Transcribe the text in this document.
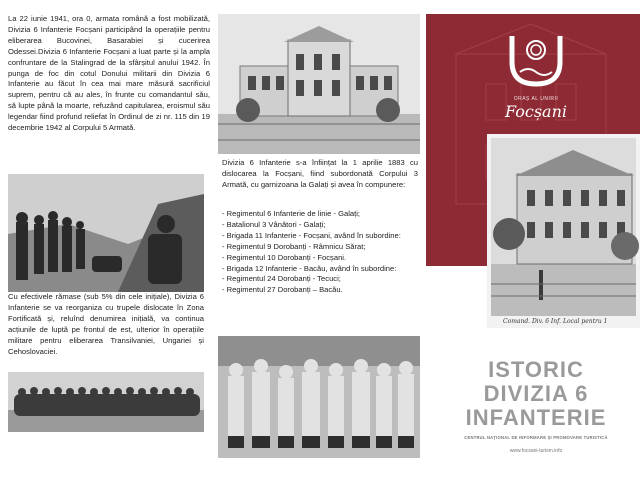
La 22 iunie 1941, ora 0, armata română a fost mobilizată, Divizia 6 Infanterie Focșani participând la operațiile pentru eliberarea Bucovinei, Basarabiei și cucerirea Odessei.Divizia 6 Infanterie Focșani a luat parte și la ampla confruntare de la Stalingrad de la sfârșitul anului 1942. În punga de foc din cotul Donului militarii din Divizia 6 Infanterie au făcut în cea mai mare măsură sacrificiul suprem, pentru că au ales, în frunte cu comandantul său, să lupte până la moarte, refuzând capitularea, eroismul său legendar fiind profund reliefat în Ordinul de zi nr. 115 din 19 decembrie 1942 al Corpului 5 Armată.

Cu efectivele rămase (sub 5% din cele inițiale), Divizia 6 Infanterie se va reorganiza cu trupele dislocate în Zona Fortificată și, reluînd denumirea inițială, va continua acțiunile de luptă pe frontul de est, ulterior în operațiile militare pentru eliberarea Transilvaniei, Ungariei și Cehoslovaciei.

Divizia 6 Infanterie s-a înființat la 1 aprilie 1883 cu dislocarea la Focșani, fiind subordonată Corpului 3 Armată, cu garnizoana la Galați și avea în compunere:

- Regimentul 6 Infanterie de linie - Galați;
- Batalionul 3 Vânători - Galați;
- Brigada 11 Infanterie - Focșani, având în subordine:
- Regimentul 9 Dorobanți - Râmnicu Sărat;
- Regimentul 10 Dorobanți - Focșani.
- Brigada 12 Infanterie - Bacău, având în subordine:
- Regimentul 24 Dorobanți - Tecuci;
- Regimentul 27 Dorobanți – Bacău.
ORAȘ AL UNIRII
Focșani
Comand. Div. 6 Inf. Local pentru 1
ISTORIC
DIVIZIA 6 INFANTERIE
CENTRUL NAȚIONAL DE INFORMARE ȘI PROMOVARE TURISTICĂ
www.focsani-turism.info
